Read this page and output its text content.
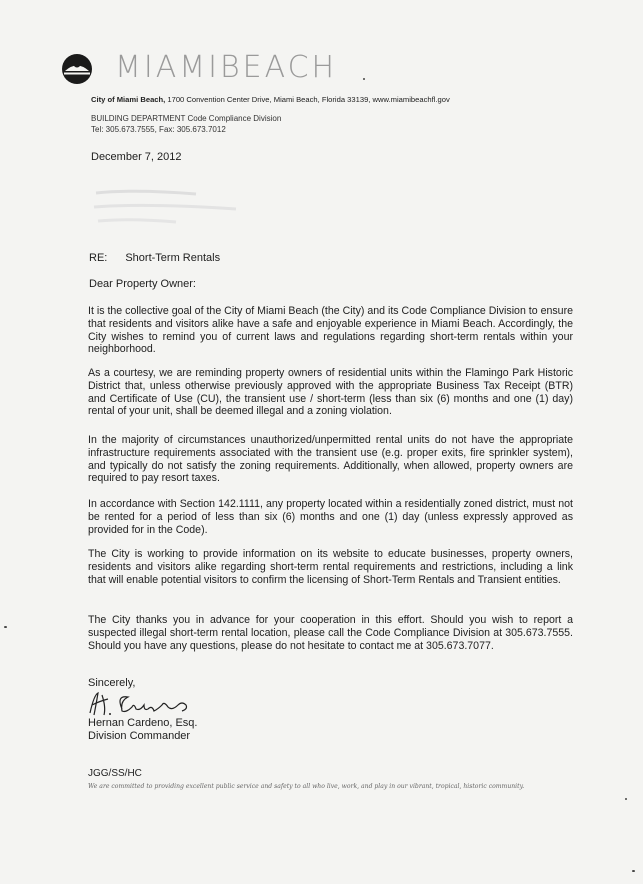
MIAMIBEACH
City of Miami Beach, 1700 Convention Center Drive, Miami Beach, Florida 33139, www.miamibeachfl.gov
BUILDING DEPARTMENT Code Compliance Division
Tel: 305.673.7555, Fax: 305.673.7012
December 7, 2012
RE: Short-Term Rentals
Dear Property Owner:
It is the collective goal of the City of Miami Beach (the City) and its Code Compliance Division to ensure that residents and visitors alike have a safe and enjoyable experience in Miami Beach. Accordingly, the City wishes to remind you of current laws and regulations regarding short-term rentals within your neighborhood.
As a courtesy, we are reminding property owners of residential units within the Flamingo Park Historic District that, unless otherwise previously approved with the appropriate Business Tax Receipt (BTR) and Certificate of Use (CU), the transient use / short-term (less than six (6) months and one (1) day) rental of your unit, shall be deemed illegal and a zoning violation.
In the majority of circumstances unauthorized/unpermitted rental units do not have the appropriate infrastructure requirements associated with the transient use (e.g. proper exits, fire sprinkler system), and typically do not satisfy the zoning requirements. Additionally, when allowed, property owners are required to pay resort taxes.
In accordance with Section 142.1111, any property located within a residentially zoned district, must not be rented for a period of less than six (6) months and one (1) day (unless expressly approved as provided for in the Code).
The City is working to provide information on its website to educate businesses, property owners, residents and visitors alike regarding short-term rental requirements and restrictions, including a link that will enable potential visitors to confirm the licensing of Short-Term Rentals and Transient entities.
The City thanks you in advance for your cooperation in this effort. Should you wish to report a suspected illegal short-term rental location, please call the Code Compliance Division at 305.673.7555. Should you have any questions, please do not hesitate to contact me at 305.673.7077.
Sincerely,
Hernan Cardeno, Esq.
Division Commander
JGG/SS/HC
We are committed to providing excellent public service and safety to all who live, work, and play in our vibrant, tropical, historic community.
